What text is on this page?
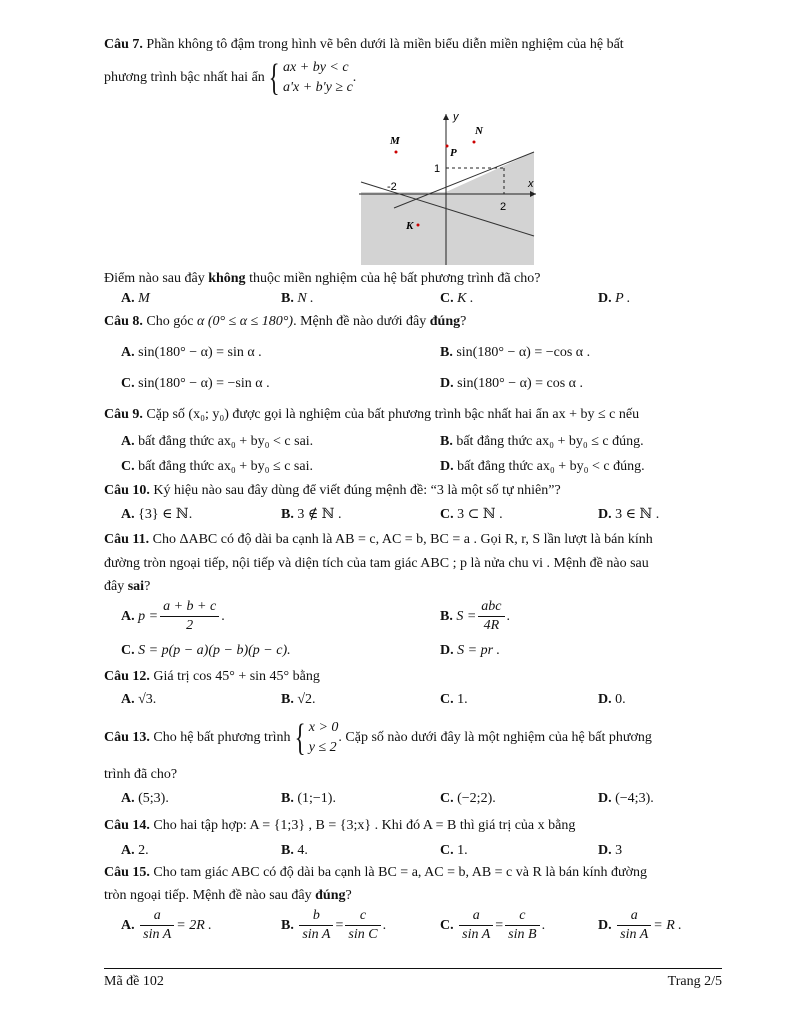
Câu 7. Phần không tô đậm trong hình vẽ bên dưới là miền biểu diễn miền nghiệm của hệ bất
phương trình bậc nhất hai ẩn{ ax + by < c
a'x + b'y ≥ c
.
y
x
1
2
-2
M
N
P
K
Điểm nào sau đây không thuộc miền nghiệm của hệ bất phương trình đã cho?
A. M	B. N .	C. K .	D. P .
Câu 8. Cho góc α (0° ≤ α ≤ 180°). Mệnh đề nào dưới đây đúng?
A. sin(180° − α) = sin α .	B. sin(180° − α) = −cos α .
C. sin(180° − α) = −sin α .	D. sin(180° − α) = cos α .
Câu 9. Cặp số (x₀; y₀) được gọi là nghiệm của bất phương trình bậc nhất hai ẩn ax + by ≤ c nếu
A. bất đẳng thức ax₀ + by₀ < c sai.	B. bất đẳng thức ax₀ + by₀ ≤ c đúng.
C. bất đẳng thức ax₀ + by₀ ≤ c sai.	D. bất đẳng thức ax₀ + by₀ < c đúng.
Câu 10. Ký hiệu nào sau đây dùng để viết đúng mệnh đề: “3 là một số tự nhiên”?
A. {3} ∈ ℕ.	B. 3 ∉ ℕ .	C. 3 ⊂ ℕ .	D. 3 ∈ ℕ .
Câu 11. Cho ΔABC có độ dài ba cạnh là AB = c, AC = b, BC = a . Gọi R, r, S lần lượt là bán kính
đường tròn ngoại tiếp, nội tiếp và diện tích của tam giác ABC ; p là nửa chu vi . Mệnh đề nào sau
đây sai?
A. $p = \frac{a + b + c}{2}$ .	B. $S = \frac{\text{abc}}{4R}$ .
C. S = p(p − a)(p − b)(p − c).	D. S = pr .
Câu 12. Giá trị cos 45° + sin 45° bằng
A. √3.	B. √2.	C. 1.	D. 0.
Câu 13. Cho hệ bất phương trình{ x > 0
y ≤ 2
. Cặp số nào dưới đây là một nghiệm của hệ bất phương
trình đã cho?
A. (5;3).	B. (1;−1).	C. (−2;2).	D. (−4;3).
Câu 14. Cho hai tập hợp: A = {1;3} , B = {3;x} . Khi đó A = B thì giá trị của x bằng
A. 2.	B. 4.	C. 1.	D. 3
Câu 15. Cho tam giác ABC có độ dài ba cạnh là BC = a, AC = b, AB = c và R là bán kính đường
tròn ngoại tiếp. Mệnh đề nào sau đây đúng?
A. $\frac{a}{\text{sin A}} = 2R$ .	B. $\frac{b}{\text{sin A}} = \frac{c}{\text{sin C}}$ .	C. $\frac{a}{\text{sin A}} = \frac{c}{\text{sin B}}$ .	D. $\frac{a}{\text{sin A}} = R$ .
Mã đề 102	Trang 2/5
